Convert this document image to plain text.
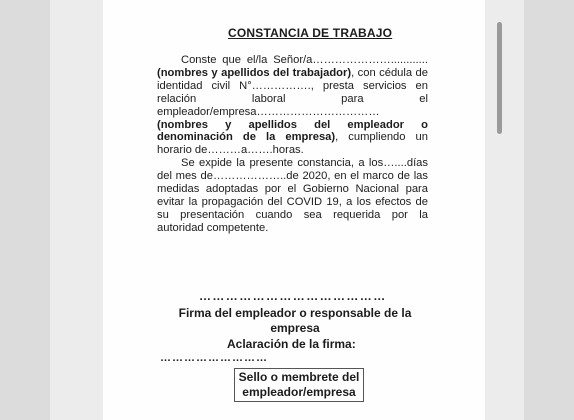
CONSTANCIA DE TRABAJO

Conste que el/la Señor/a…………………............ (nombres y apellidos del trabajador), con cédula de identidad civil N°……………., presta servicios en relación laboral para el empleador/empresa…………………………… (nombres y apellidos del empleador o denominación de la empresa), cumpliendo un horario de………a…….horas.

Se expide la presente constancia, a los…....días del mes de………………..de 2020, en el marco de las medidas adoptadas por el Gobierno Nacional para evitar la propagación del COVID 19, a los efectos de su presentación cuando sea requerida por la autoridad competente.

……………………………………
Firma del empleador o responsable de la empresa
Aclaración de la firma:
………………………
Sello o membrete del empleador/empresa
